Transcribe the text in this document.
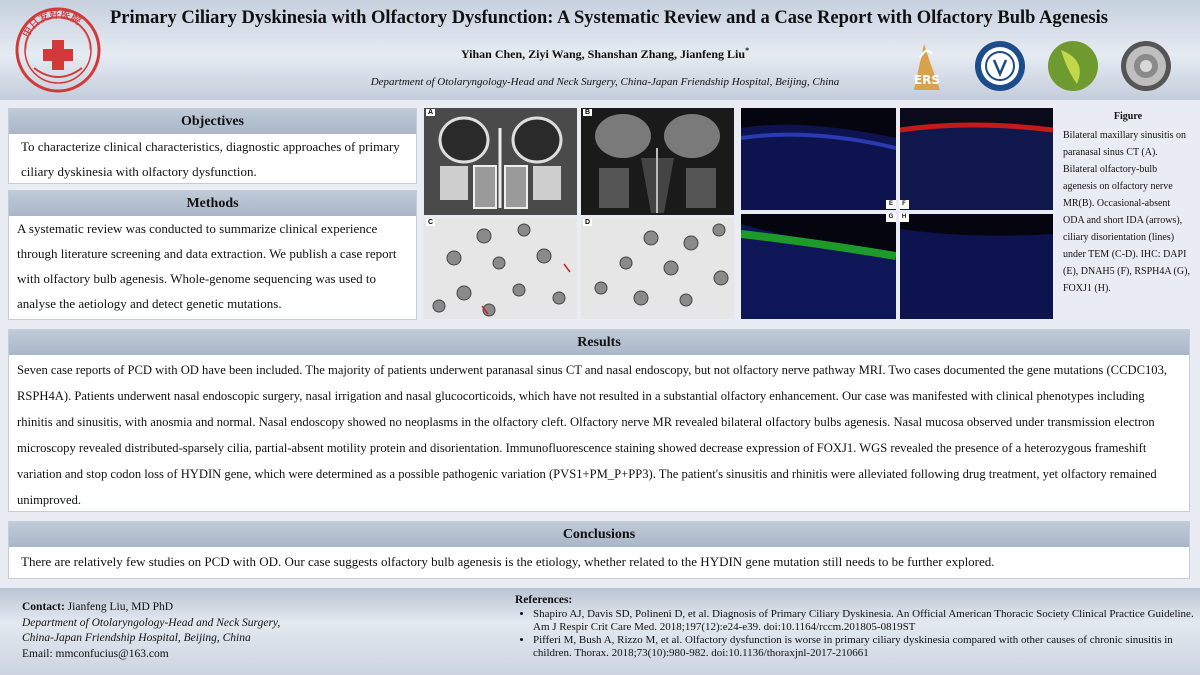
中日友好医院 Primary Ciliary Dyskinesia with Olfactory Dysfunction: A Systematic Review and a Case Report with Olfactory Bulb Agenesis
Yihan Chen, Ziyi Wang, Shanshan Zhang, Jianfeng Liu*
Department of Otolaryngology-Head and Neck Surgery, China-Japan Friendship Hospital, Beijing, China	ERS
Objectives
To characterize clinical characteristics, diagnostic approaches of primary ciliary dyskinesia with olfactory dysfunction.
Methods
A systematic review was conducted to summarize clinical experience through literature screening and data extraction. We publish a case report with olfactory bulb agenesis. Whole-genome sequencing was used to analyse the aetiology and detect genetic mutations.
A	B
C	D
E	F
G	H
Figure
Bilateral maxillary sinusitis on paranasal sinus CT (A). Bilateral olfactory-bulb agenesis on olfactory nerve MR(B). Occasional-absent ODA and short IDA (arrows), ciliary disorientation (lines) under TEM (C-D). IHC: DAPI (E), DNAH5 (F), RSPH4A (G), FOXJ1 (H).
Results
Seven case reports of PCD with OD have been included. The majority of patients underwent paranasal sinus CT and nasal endoscopy, but not olfactory nerve pathway MRI. Two cases documented the gene mutations (CCDC103, RSPH4A). Patients underwent nasal endoscopic surgery, nasal irrigation and nasal glucocorticoids, which have not resulted in a substantial olfactory enhancement. Our case was manifested with clinical phenotypes including rhinitis and sinusitis, with anosmia and normal. Nasal endoscopy showed no neoplasms in the olfactory cleft. Olfactory nerve MR revealed bilateral olfactory bulbs agenesis. Nasal mucosa observed under transmission electron microscopy revealed distributed-sparsely cilia, partial-absent motility protein and disorientation. Immunofluorescence staining showed decrease expression of FOXJ1. WGS revealed the presence of a heterozygous frameshift variation and stop codon loss of HYDIN gene, which were determined as a possible pathogenic variation (PVS1+PM_P+PP3). The patient's sinusitis and rhinitis were alleviated following drug treatment, yet olfactory remained unimproved.
Conclusions
There are relatively few studies on PCD with OD. Our case suggests olfactory bulb agenesis is the etiology, whether related to the HYDIN gene mutation still needs to be further explored.
Contact: Jianfeng Liu, MD PhD
Department of Otolaryngology-Head and Neck Surgery,
China-Japan Friendship Hospital, Beijing, China
Email: mmconfucius@163.com
References:
• Shapiro AJ, Davis SD, Polineni D, et al. Diagnosis of Primary Ciliary Dyskinesia. An Official American Thoracic Society Clinical Practice Guideline. Am J Respir Crit Care Med. 2018;197(12):e24-e39. doi:10.1164/rccm.201805-0819ST
• Pifferi M, Bush A, Rizzo M, et al. Olfactory dysfunction is worse in primary ciliary dyskinesia compared with other causes of chronic sinusitis in children. Thorax. 2018;73(10):980-982. doi:10.1136/thoraxjnl-2017-210661
